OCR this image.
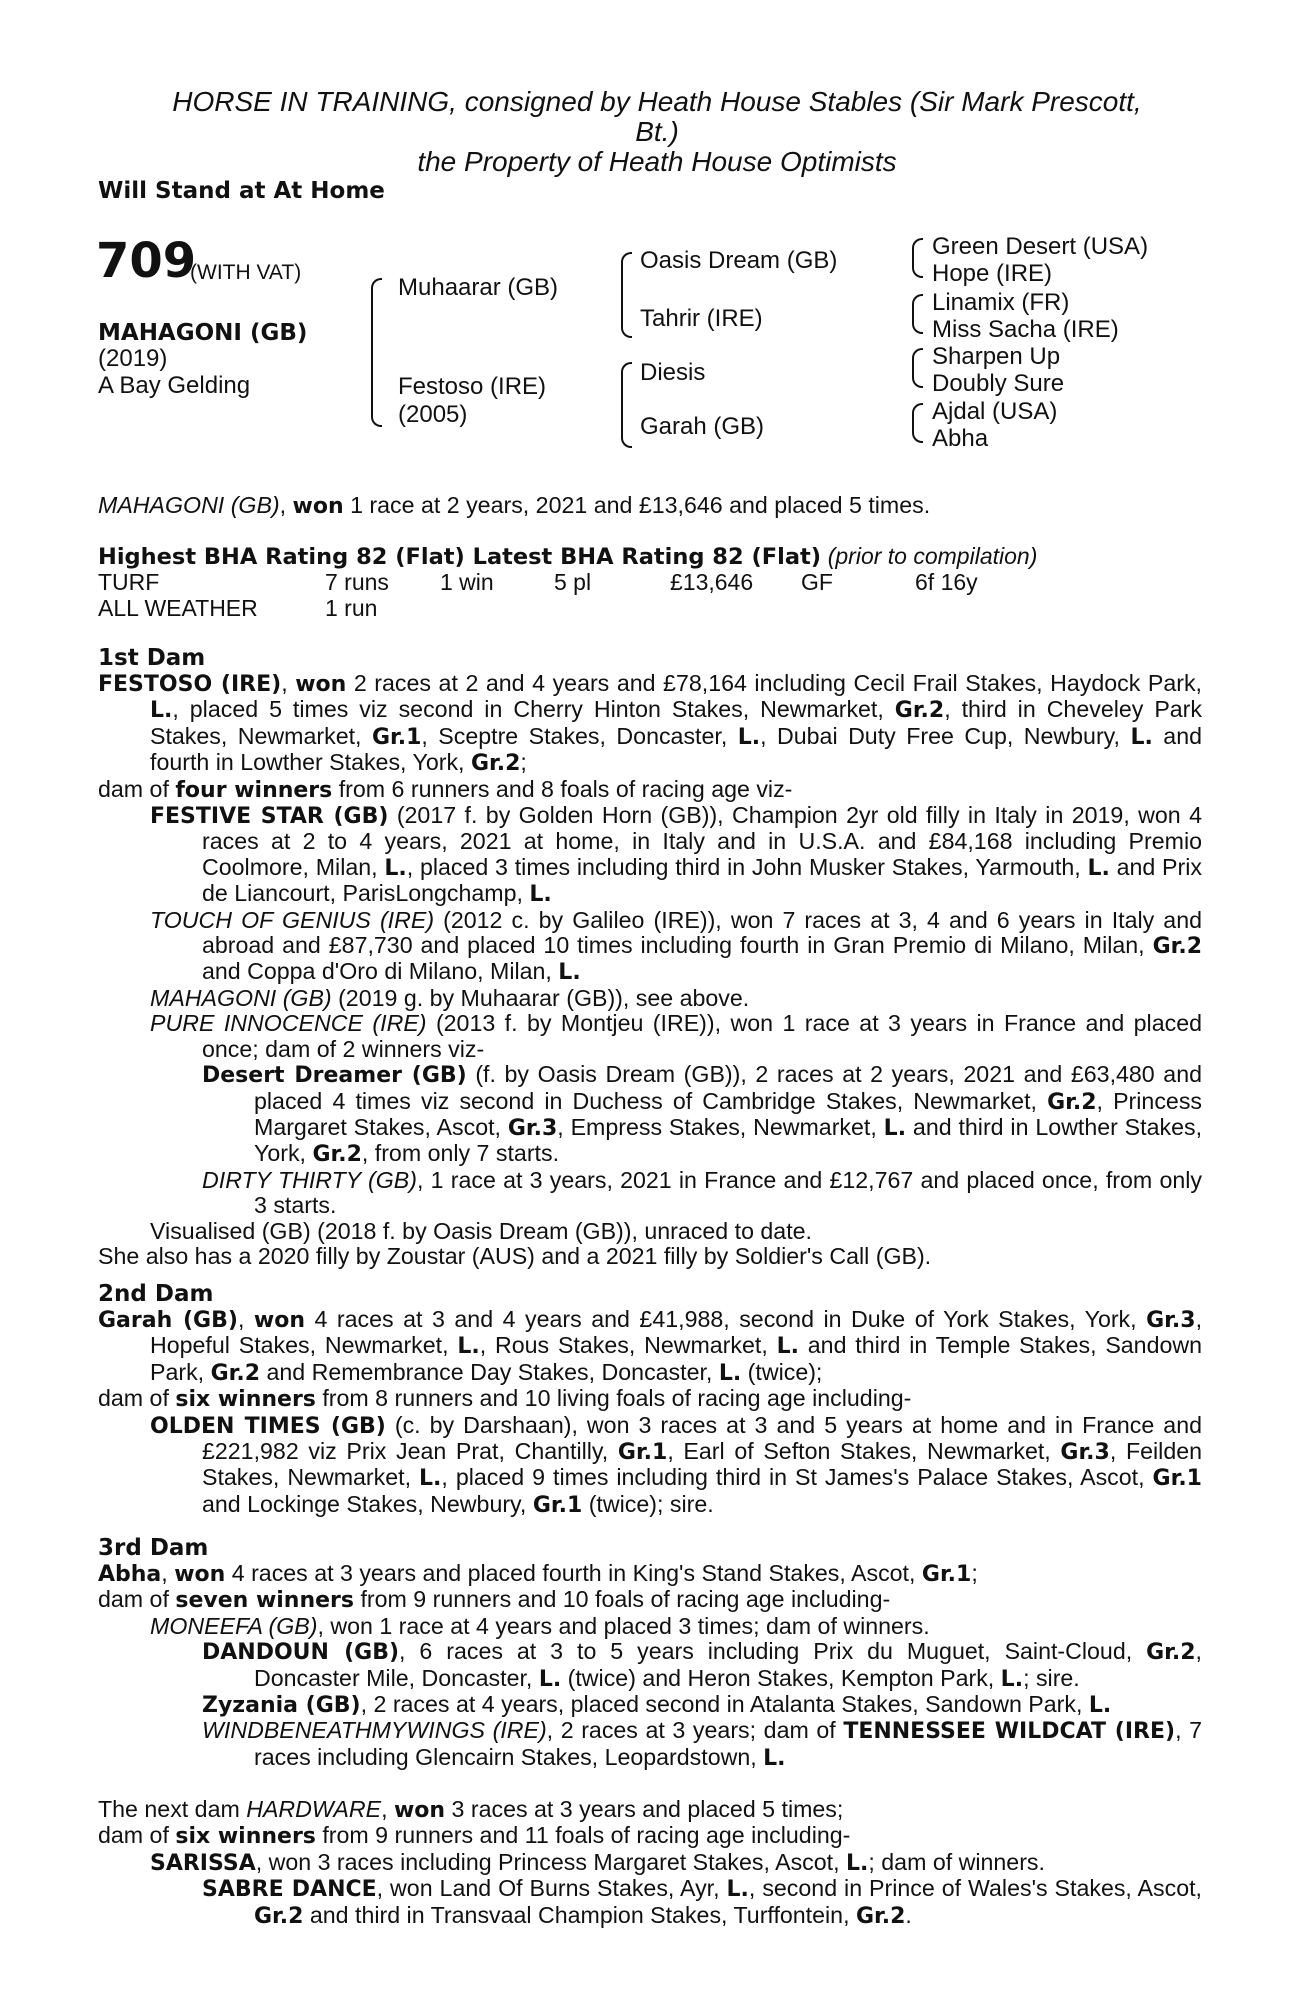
HORSE IN TRAINING, consigned by Heath House Stables (Sir Mark Prescott,
Bt.)
the Property of Heath House Optimists
Will Stand at At Home
709
(WITH VAT)
MAHAGONI (GB)
(2019)
A Bay Gelding
Muhaarar (GB)
Festoso (IRE)
(2005)
Oasis Dream (GB)
Tahrir (IRE)
Diesis
Garah (GB)
Green Desert (USA)
Hope (IRE)
Linamix (FR)
Miss Sacha (IRE)
Sharpen Up
Doubly Sure
Ajdal (USA)
Abha
MAHAGONI (GB), won 1 race at 2 years, 2021 and £13,646 and placed 5 times.
Highest BHA Rating 82 (Flat) Latest BHA Rating 82 (Flat) (prior to compilation)
TURF	7 runs 1 win	5 pl	£13,646 GF	6f 16y
ALL WEATHER	1 run
1st Dam

FESTOSO (IRE), won 2 races at 2 and 4 years and £78,164 including Cecil Frail Stakes, Haydock Park, L., placed 5 times viz second in Cherry Hinton Stakes, Newmarket, Gr.2, third in Cheveley Park Stakes, Newmarket, Gr.1, Sceptre Stakes, Doncaster, L., Dubai Duty Free Cup, Newbury, L. and fourth in Lowther Stakes, York, Gr.2;

dam of four winners from 6 runners and 8 foals of racing age viz-

FESTIVE STAR (GB) (2017 f. by Golden Horn (GB)), Champion 2yr old filly in Italy in 2019, won 4 races at 2 to 4 years, 2021 at home, in Italy and in U.S.A. and £84,168 including Premio Coolmore, Milan, L., placed 3 times including third in John Musker Stakes, Yarmouth, L. and Prix de Liancourt, ParisLongchamp, L.

TOUCH OF GENIUS (IRE) (2012 c. by Galileo (IRE)), won 7 races at 3, 4 and 6 years in Italy and abroad and £87,730 and placed 10 times including fourth in Gran Premio di Milano, Milan, Gr.2 and Coppa d'Oro di Milano, Milan, L.

MAHAGONI (GB) (2019 g. by Muhaarar (GB)), see above.

PURE INNOCENCE (IRE) (2013 f. by Montjeu (IRE)), won 1 race at 3 years in France and placed once; dam of 2 winners viz-

Desert Dreamer (GB) (f. by Oasis Dream (GB)), 2 races at 2 years, 2021 and £63,480 and placed 4 times viz second in Duchess of Cambridge Stakes, Newmarket, Gr.2, Princess Margaret Stakes, Ascot, Gr.3, Empress Stakes, Newmarket, L. and third in Lowther Stakes, York, Gr.2, from only 7 starts.

DIRTY THIRTY (GB), 1 race at 3 years, 2021 in France and £12,767 and placed once, from only 3 starts.

Visualised (GB) (2018 f. by Oasis Dream (GB)), unraced to date.

She also has a 2020 filly by Zoustar (AUS) and a 2021 filly by Soldier's Call (GB).

2nd Dam

Garah (GB), won 4 races at 3 and 4 years and £41,988, second in Duke of York Stakes, York, Gr.3, Hopeful Stakes, Newmarket, L., Rous Stakes, Newmarket, L. and third in Temple Stakes, Sandown Park, Gr.2 and Remembrance Day Stakes, Doncaster, L. (twice);

dam of six winners from 8 runners and 10 living foals of racing age including-

OLDEN TIMES (GB) (c. by Darshaan), won 3 races at 3 and 5 years at home and in France and £221,982 viz Prix Jean Prat, Chantilly, Gr.1, Earl of Sefton Stakes, Newmarket, Gr.3, Feilden Stakes, Newmarket, L., placed 9 times including third in St James's Palace Stakes, Ascot, Gr.1 and Lockinge Stakes, Newbury, Gr.1 (twice); sire.

3rd Dam

Abha, won 4 races at 3 years and placed fourth in King's Stand Stakes, Ascot, Gr.1;

dam of seven winners from 9 runners and 10 foals of racing age including-

MONEEFA (GB), won 1 race at 4 years and placed 3 times; dam of winners.

DANDOUN (GB), 6 races at 3 to 5 years including Prix du Muguet, Saint-Cloud, Gr.2, Doncaster Mile, Doncaster, L. (twice) and Heron Stakes, Kempton Park, L.; sire.

Zyzania (GB), 2 races at 4 years, placed second in Atalanta Stakes, Sandown Park, L.

WINDBENEATHMYWINGS (IRE), 2 races at 3 years; dam of TENNESSEE WILDCAT (IRE), 7 races including Glencairn Stakes, Leopardstown, L.

The next dam HARDWARE, won 3 races at 3 years and placed 5 times;

dam of six winners from 9 runners and 11 foals of racing age including-

SARISSA, won 3 races including Princess Margaret Stakes, Ascot, L.; dam of winners.

SABRE DANCE, won Land Of Burns Stakes, Ayr, L., second in Prince of Wales's Stakes, Ascot, Gr.2 and third in Transvaal Champion Stakes, Turffontein, Gr.2.
